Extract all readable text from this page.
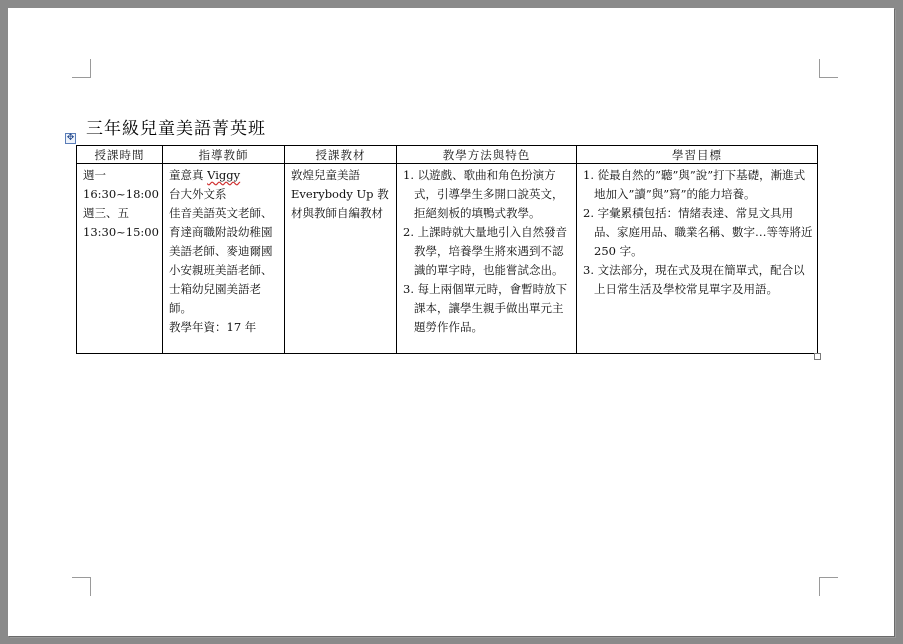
三年級兒童美語菁英班
✥
授課時間	指導教師	授課教材	教學方法與特色	學習目標

週一
16:30~18:00
週三、五
13:30~15:00	童意真 Viggy
台大外文系
佳音美語英文老師、育達商職附設幼稚園美語老師、麥迪爾國小安親班美語老師、士箱幼兒園美語老師。
教學年資：17 年	敦煌兒童美語 Everybody Up 教材與教師自編教材	1. 以遊戲、歌曲和角色扮演方式，引導學生多開口說英文，拒絕刻板的填鴨式教學。
2. 上課時就大量地引入自然發音教學，培養學生將來遇到不認識的單字時，也能嘗試念出。
3. 每上兩個單元時，會暫時放下課本，讓學生親手做出單元主題勞作作品。	1. 從最自然的”聽”與”說”打下基礎，漸進式地加入”讀”與”寫”的能力培養。
2. 字彙累積包括：情緒表達、常見文具用品、家庭用品、職業名稱、數字…等等將近 250 字。
3. 文法部分，現在式及現在簡單式，配合以上日常生活及學校常見單字及用語。
